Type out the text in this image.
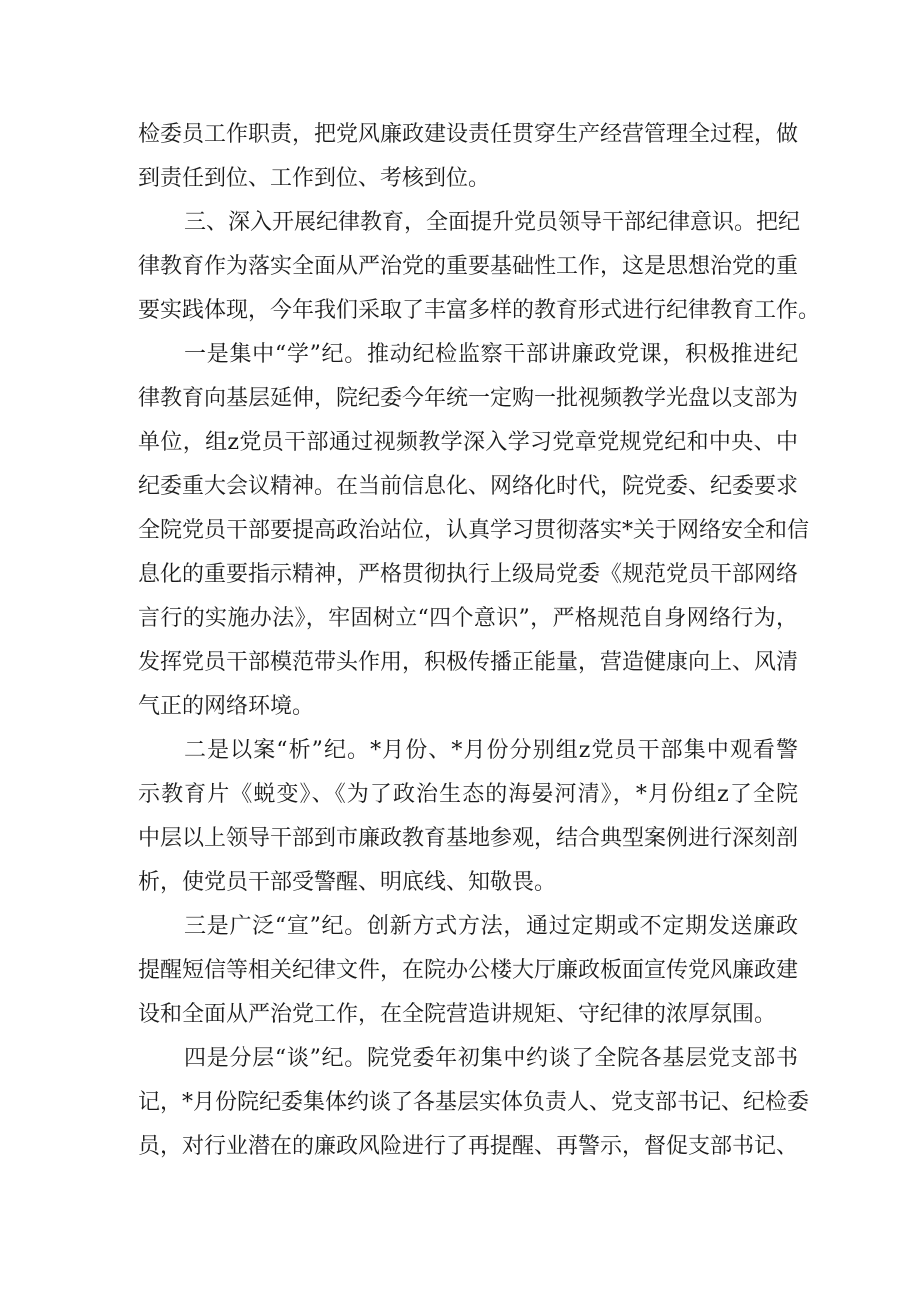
检委员工作职责，把党风廉政建设责任贯穿生产经营管理全过程，做
到责任到位、工作到位、考核到位。
三、深入开展纪律教育，全面提升党员领导干部纪律意识。把纪
律教育作为落实全面从严治党的重要基础性工作，这是思想治党的重
要实践体现，今年我们采取了丰富多样的教育形式进行纪律教育工作。
一是集中“学”纪。推动纪检监察干部讲廉政党课，积极推进纪
律教育向基层延伸，院纪委今年统一定购一批视频教学光盘以支部为
单位，组z党员干部通过视频教学深入学习党章党规党纪和中央、中
纪委重大会议精神。在当前信息化、网络化时代，院党委、纪委要求
全院党员干部要提高政治站位，认真学习贯彻落实*关于网络安全和信
息化的重要指示精神，严格贯彻执行上级局党委《规范党员干部网络
言行的实施办法》，牢固树立“四个意识”，严格规范自身网络行为，
发挥党员干部模范带头作用，积极传播正能量，营造健康向上、风清
气正的网络环境。
二是以案“析”纪。*月份、*月份分别组z党员干部集中观看警
示教育片《蜕变》、《为了政治生态的海晏河清》，*月份组z了全院
中层以上领导干部到市廉政教育基地参观，结合典型案例进行深刻剖
析，使党员干部受警醒、明底线、知敬畏。
三是广泛“宣”纪。创新方式方法，通过定期或不定期发送廉政
提醒短信等相关纪律文件，在院办公楼大厅廉政板面宣传党风廉政建
设和全面从严治党工作，在全院营造讲规矩、守纪律的浓厚氛围。
四是分层“谈”纪。院党委年初集中约谈了全院各基层党支部书
记，*月份院纪委集体约谈了各基层实体负责人、党支部书记、纪检委
员，对行业潜在的廉政风险进行了再提醒、再警示，督促支部书记、
